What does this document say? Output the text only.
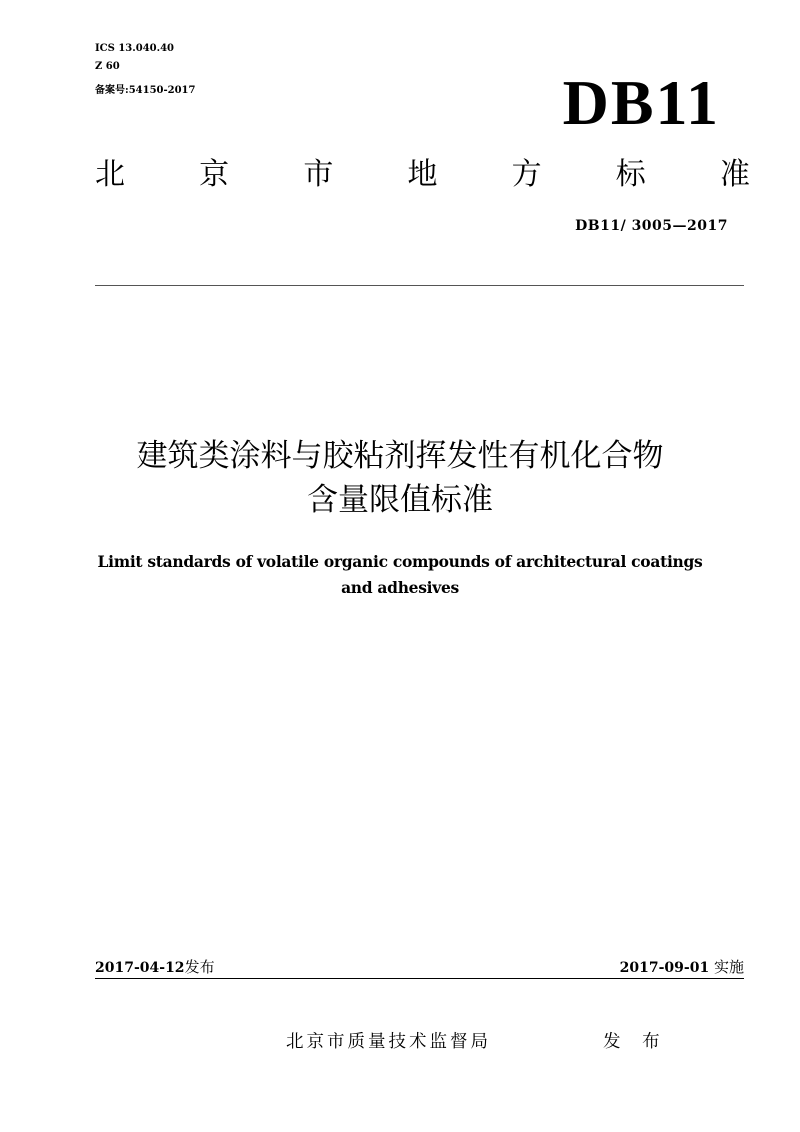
ICS 13.040.40
Z 60
备案号:54150-2017	DB11
北 京 市 地 方 标 准
DB11/ 3005—2017
建筑类涂料与胶粘剂挥发性有机化合物
含量限值标准
Limit standards of volatile organic compounds of architectural coatings
and adhesives
2017-04-12发布	2017-09-01 实施
北京市质量技术监督局	发 布
